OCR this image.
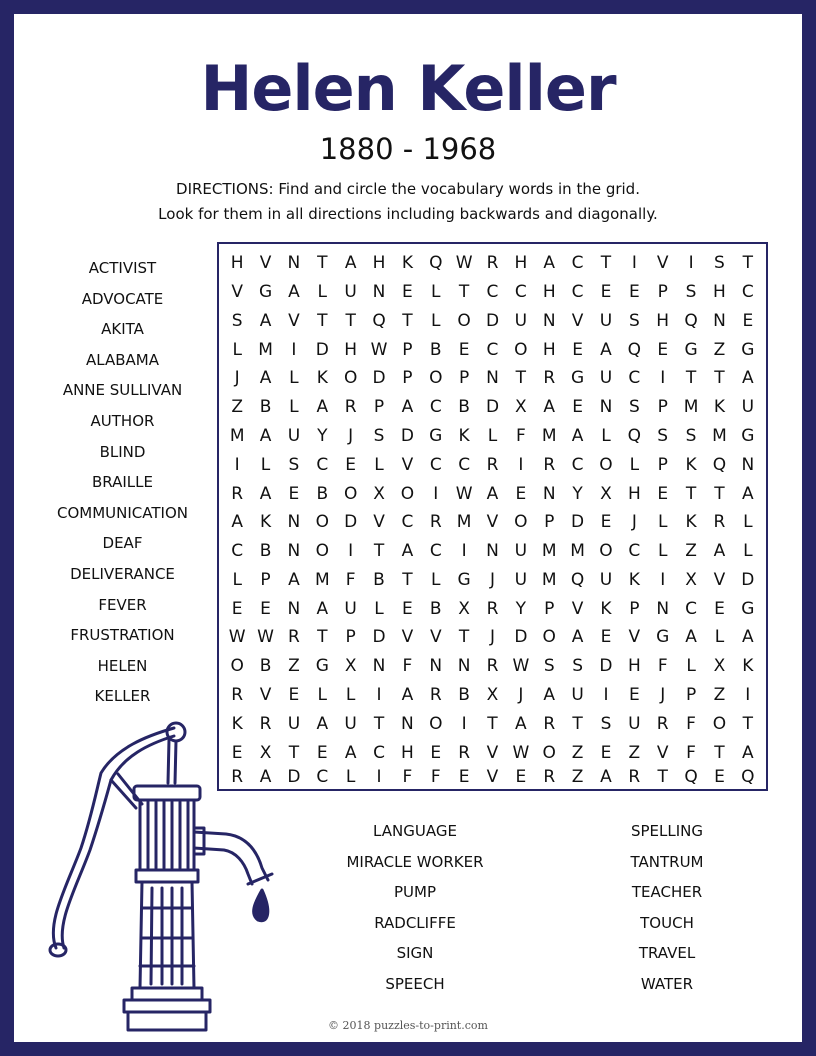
Helen Keller
1880 - 1968
DIRECTIONS: Find and circle the vocabulary words in the grid.
Look for them in all directions including backwards and diagonally.
ACTIVIST
ADVOCATE
AKITA
ALABAMA
ANNE SULLIVAN
AUTHOR
BLIND
BRAILLE
COMMUNICATION
DEAF
DELIVERANCE
FEVER
FRUSTRATION
HELEN
KELLER
H V N T	A H K Q W R H A C	T	I	V	I	S	T
V G A	L	U N E	L	T	C C H C	E	E	P	S H C
S	A V	T	T Q T	L O D U N V U S H Q N E
L M	I	D H W P	B	E	C O H E	A Q E G Z G
J	A	L	K O D P O P N T	R G U C	I	T	T	A
Z B	L	A R	P	A C B D X A	E N S	P M K U
M A U Y	J	S D G K	L	F M A	L Q S	S M G
I	L	S	C	E	L	V C C R	I	R C O L	P	K Q N
R A	E	B O X O	I	W A	E N Y	X H E	T	T	A
A K N O D V C R M V O P D E	J	L	K R	L
C B N O	I	T	A C	I	N U M M O C	L	Z A	L
L	P	A M F	B	T	L	G	J	U M Q U K	I	X V D
E	E N A U	L	E	B X R	Y	P	V K	P N C	E G
W W R	T	P D V V	T	J	D O A	E	V G A	L	A
O B Z G X N	F	N N R W S	S D H	F	L	X K
R V	E	L	L	I	A R B X	J	A U	I	E	J	P	Z	I
K R U A U T N O	I	T	A R	T	S U R	F O T
E	X	T	E	A C H E	R V W O Z	E	Z V	F	T	A
R A D C	L	I	F	F	E	V	E	R Z A R	T Q E Q
LANGUAGE
MIRACLE WORKER
PUMP
RADCLIFFE
SIGN
SPEECH
SPELLING
TANTRUM
TEACHER
TOUCH
TRAVEL
WATER
© 2018 puzzles-to-print.com
